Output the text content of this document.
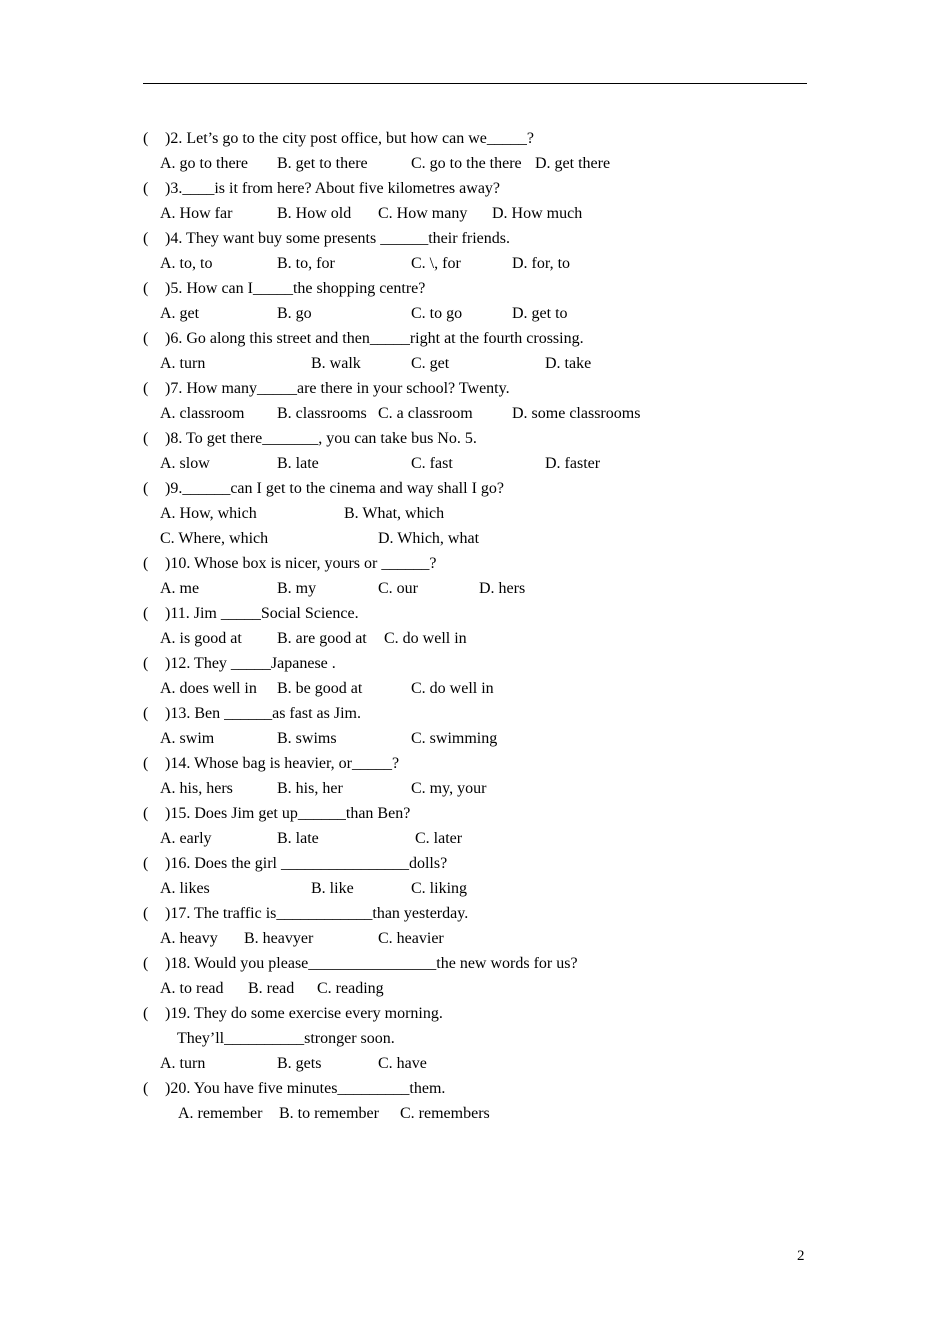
( )2. Let’s go to the city post office, but how can we_____?

A. go to there

B. get to there

	C. go to the there

D. get there

( )3.____is it from here? About five kilometres away?

A. How far

	B. How old

C. How many

D. How much

( )4. They want buy some presents ______their friends.

A. to, to

	B. to, for

	C. \, for

	D. for, to

( )5. How can I_____the shopping centre?

A. get

	B. go

	C. to go

	D. get to

( )6. Go along this street and then_____right at the fourth crossing.

A. turn

	B. walk

	C. get

	D. take

( )7. How many_____are there in your school? Twenty.

A. classroom

B. classrooms

C. a classroom

D. some classrooms

( )8. To get there_______, you can take bus No. 5.

A. slow

	B. late

	C. fast

	D. faster

( )9.______can I get to the cinema and way shall I go?

A. How, which

	B. What, which

C. Where, which

	D. Which, what

( )10. Whose box is nicer, yours or ______?

A. me

	B. my

	C. our

	D. hers

( )11. Jim _____Social Science.

A. is good at

B. are good at

C. do well in

( )12. They _____Japanese .

A. does well in

B. be good at

	C. do well in

( )13. Ben ______as fast as Jim.

A. swim

	B. swims

	C. swimming

( )14. Whose bag is heavier, or_____?

A. his, hers

	B. his, her

	C. my, your

( )15. Does Jim get up______than Ben?

A. early

	B. late

	C. later

( )16. Does the girl ________________dolls?

A. likes

	B. like

	C. liking

( )17. The traffic is____________than yesterday.

A. heavy

B. heavyer

	C. heavier

( )18. Would you please________________the new words for us?

A. to read

B. read

C. reading

( )19. They do some exercise every morning.

They’ll__________stronger soon.

A. turn

	B. gets

	C. have

( )20. You have five minutes_________them.

A. remember

B. to remember

C. remembers

2
